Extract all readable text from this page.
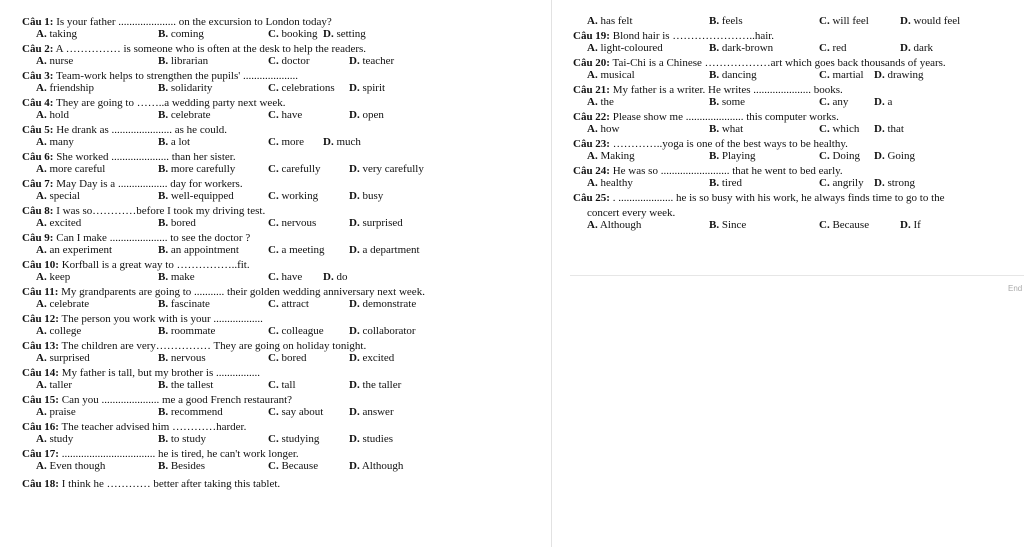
Câu 1: Is your father ..................... on the excursion to London today?
A. taking	B. coming	C. booking D. setting
Câu 2: A …………… is someone who is often at the desk to help the readers.
A. nurse	B. librarian	C. doctor	D. teacher
Câu 3: Team-work helps to strengthen the pupils' ....................
A. friendship	B. solidarity	C. celebrations D. spirit
Câu 4: They are going to ……..a wedding party next week.
A. hold	B. celebrate	C. have	D. open
Câu 5: He drank as ...................... as he could.
A. many	B. a lot	C. more D. much
Câu 6: She worked ..................... than her sister.
A. more careful	B. more carefully	C. carefully	D. very carefully
Câu 7: May Day is a .................. day for workers.
A. special	B. well-equipped	C. working	D. busy
Câu 8: I was so…………before I took my driving test.
A. excited	B. bored	C. nervous	D. surprised
Câu 9: Can I make ..................... to see the doctor ?
A. an experiment	B. an appointment	C. a meeting D. a department
Câu 10: Korfball is a great way to ……………..fit.
A. keep	B. make	C. have D. do
Câu 11: My grandparents are going to ........... their golden wedding anniversary next week.
A. celebrate	B. fascinate	C. attract	D. demonstrate
Câu 12: The person you work with is your ..................
A. college	B. roommate	C. colleague D. collaborator
Câu 13: The children are very…………… They are going on holiday tonight.
A. surprised	B. nervous	C. bored	D. excited
Câu 14: My father is tall, but my brother is ................
A. taller	B. the tallest	C. tall	D. the taller
Câu 15: Can you ..................... me a good French restaurant?
A. praise	B. recommend	C. say about D. answer
Câu 16: The teacher advised him …………harder.
A. study	B. to study	C. studying	D. studies
Câu 17: .................................. he is tired, he can't work longer.
A. Even though	B. Besides	C. Because	D. Although
Câu 18: I think he ………… better after taking this tablet.
A. has felt	B. feels	C. will feel	D. would feel
Câu 19: Blond hair is …………………..hair.
A. light-coloured	B. dark-brown	C. red	D. dark
Câu 20: Tai-Chi is a Chinese ………………art which goes back thousands of years.
A. musical	B. dancing	C. martial D. drawing
Câu 21: My father is a writer. He writes ..................... books.
A. the	B. some	C. any D. a
Câu 22: Please show me ..................... this computer works.
A. how	B. what	C. which D. that
Câu 23: …………..yoga is one of the best ways to be healthy.
A. Making	B. Playing	C. Doing D. Going
Câu 24: He was so ......................... that he went to bed early.
A. healthy	B. tired	C. angrily D. strong
Câu 25: . .................... he is so busy with his work, he always finds time to go to the
concert every week.
A. Although	B. Since	C. Because	D. If
End
